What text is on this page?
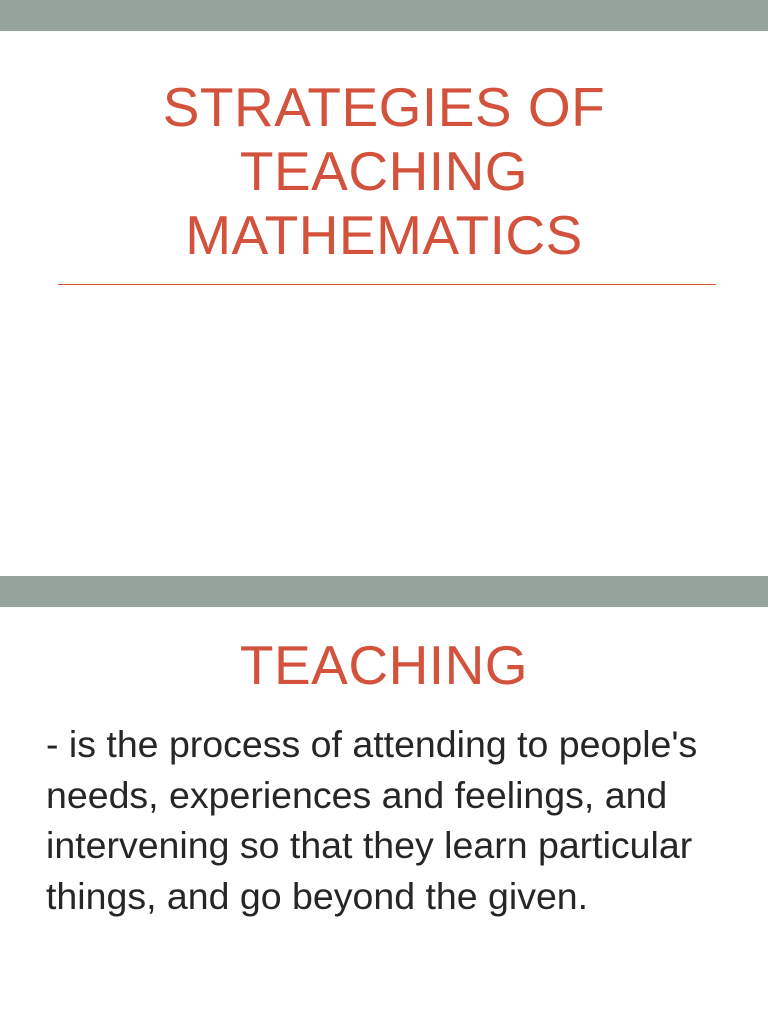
STRATEGIES OF
TEACHING
MATHEMATICS
TEACHING

- is the process of attending to people's needs, experiences and feelings, and intervening so that they learn particular things, and go beyond the given.
